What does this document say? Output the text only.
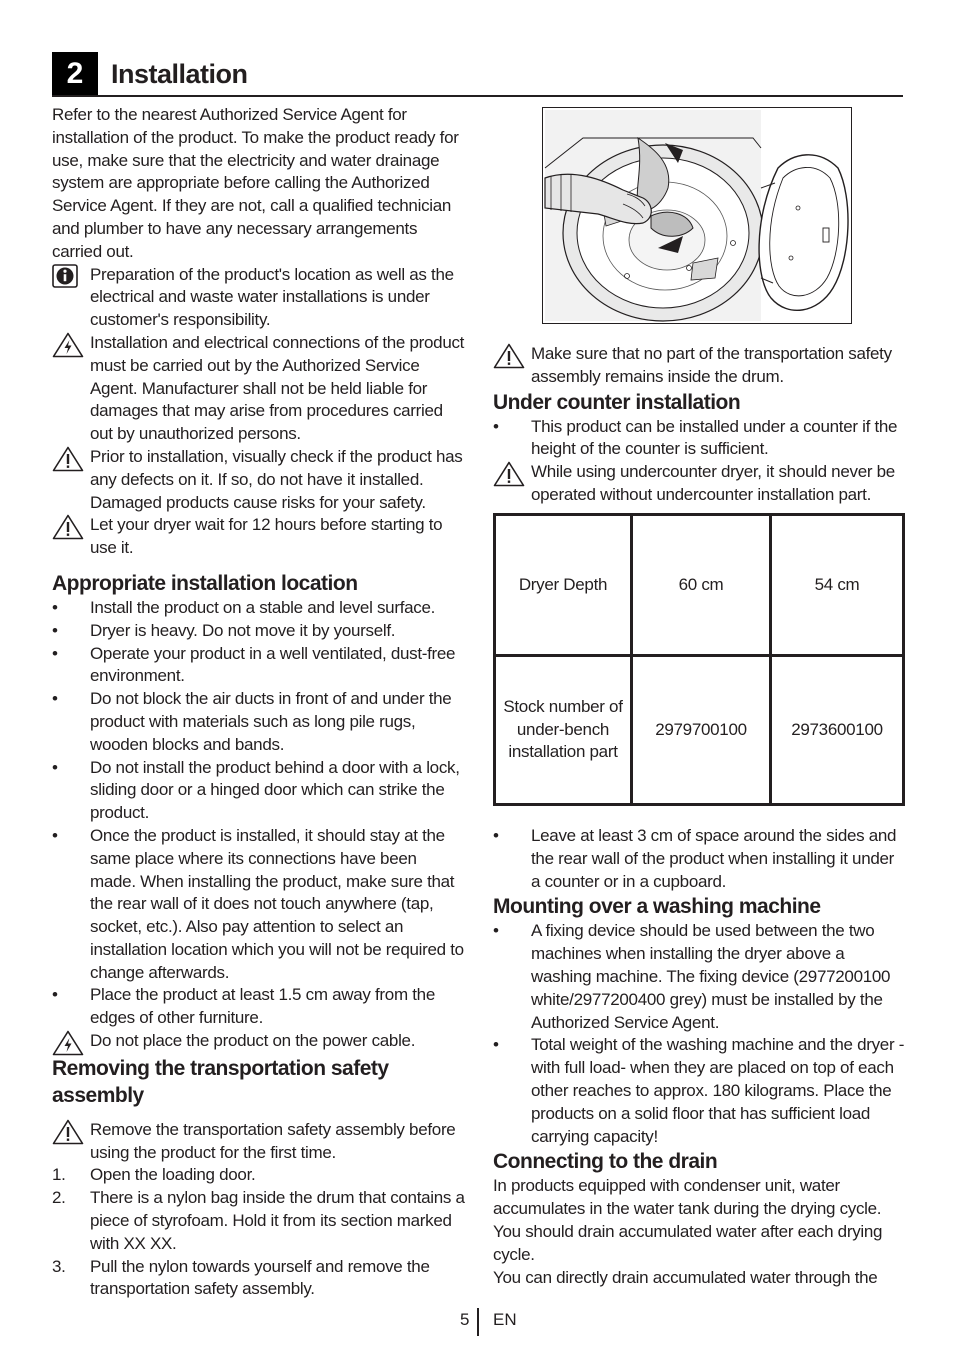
2	Installation

Refer to the nearest Authorized Service Agent for installation of the product. To make the product ready for use, make sure that the electricity and water drainage system are appropriate before calling the Authorized Service Agent. If they are not, call a qualified technician and plumber to have any necessary arrangements carried out.

Preparation of the product's location as well as the electrical and waste water installations is under customer's responsibility.

Installation and electrical connections of the product must be carried out by the Authorized Service Agent. Manufacturer shall not be held liable for damages that may arise from procedures carried out by unauthorized persons.

Prior to installation, visually check if the product has any defects on it. If so, do not have it installed. Damaged products cause risks for your safety.

Let your dryer wait for 12 hours before starting to use it.

Appropriate installation location
•	Install the product on a stable and level surface.

•	Dryer is heavy. Do not move it by yourself.

•	Operate your product in a well ventilated, dust-free environment.

•	Do not block the air ducts in front of and under the product with materials such as long pile rugs, wooden blocks and bands.

•	Do not install the product behind a door with a lock, sliding door or a hinged door which can strike the product.

•	Once the product is installed, it should stay at the same place where its connections have been made. When installing the product, make sure that the rear wall of it does not touch anywhere (tap, socket, etc.). Also pay attention to select an installation location which you will not be required to change afterwards.

•	Place the product at least 1.5 cm away from the edges of other furniture.

Do not place the product on the power cable.

Removing the transportation safety assembly

Remove the transportation safety assembly before using the product for the first time.

1. Open the loading door.

2. There is a nylon bag inside the drum that contains a piece of styrofoam. Hold it from its section marked with XX XX.

3. Pull the nylon towards yourself and remove the transportation safety assembly.

Make sure that no part of the transportation safety assembly remains inside the drum.

Under counter installation
•	This product can be installed under a counter if the height of the counter is sufficient.

While using undercounter dryer, it should never be operated without undercounter installation part.

Dryer Depth	60 cm	54 cm
Stock number of under-bench installation part	2979700100	2973600100
•	Leave at least 3 cm of space around the sides and the rear wall of the product when installing it under a counter or in a cupboard.

Mounting over a washing machine
•	A fixing device should be used between the two machines when installing the dryer above a washing machine. The fixing device (2977200100 white/2977200400 grey) must be installed by the Authorized Service Agent.

•	Total weight of the washing machine and the dryer -with full load- when they are placed on top of each other reaches to approx. 180 kilograms. Place the products on a solid floor that has sufficient load carrying capacity!

Connecting to the drain

In products equipped with condenser unit, water accumulates in the water tank during the drying cycle. You should drain accumulated water after each drying cycle.

You can directly drain accumulated water through the

5 EN
